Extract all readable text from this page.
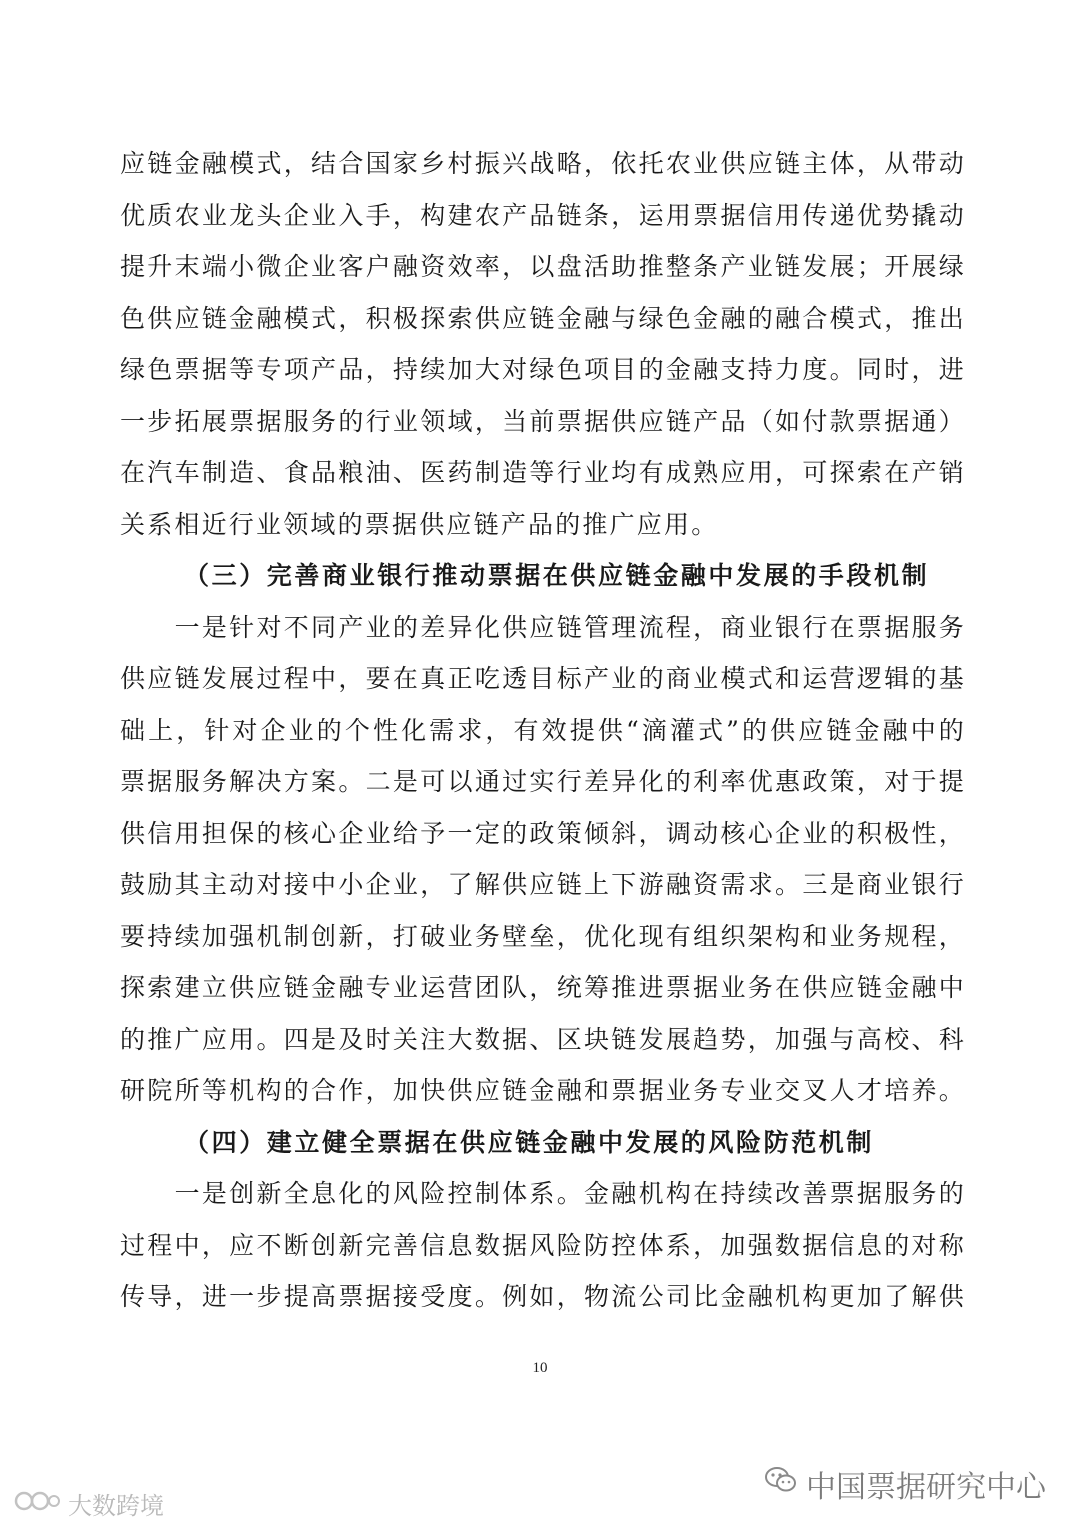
应链金融模式，结合国家乡村振兴战略，依托农业供应链主体，从带动
优质农业龙头企业入手，构建农产品链条，运用票据信用传递优势撬动
提升末端小微企业客户融资效率，以盘活助推整条产业链发展；开展绿
色供应链金融模式，积极探索供应链金融与绿色金融的融合模式，推出
绿色票据等专项产品，持续加大对绿色项目的金融支持力度。同时，进
一步拓展票据服务的行业领域，当前票据供应链产品（如付款票据通）
在汽车制造、食品粮油、医药制造等行业均有成熟应用，可探索在产销
关系相近行业领域的票据供应链产品的推广应用。
（三）完善商业银行推动票据在供应链金融中发展的手段机制
　　一是针对不同产业的差异化供应链管理流程，商业银行在票据服务
供应链发展过程中，要在真正吃透目标产业的商业模式和运营逻辑的基
础上，针对企业的个性化需求，有效提供“滴灌式”的供应链金融中的
票据服务解决方案。二是可以通过实行差异化的利率优惠政策，对于提
供信用担保的核心企业给予一定的政策倾斜，调动核心企业的积极性，
鼓励其主动对接中小企业，了解供应链上下游融资需求。三是商业银行
要持续加强机制创新，打破业务壁垒，优化现有组织架构和业务规程，
探索建立供应链金融专业运营团队，统筹推进票据业务在供应链金融中
的推广应用。四是及时关注大数据、区块链发展趋势，加强与高校、科
研院所等机构的合作，加快供应链金融和票据业务专业交叉人才培养。
（四）建立健全票据在供应链金融中发展的风险防范机制
　　一是创新全息化的风险控制体系。金融机构在持续改善票据服务的
过程中，应不断创新完善信息数据风险防控体系，加强数据信息的对称
传导，进一步提高票据接受度。例如，物流公司比金融机构更加了解供
10
中国票据研究中心
大数跨境
